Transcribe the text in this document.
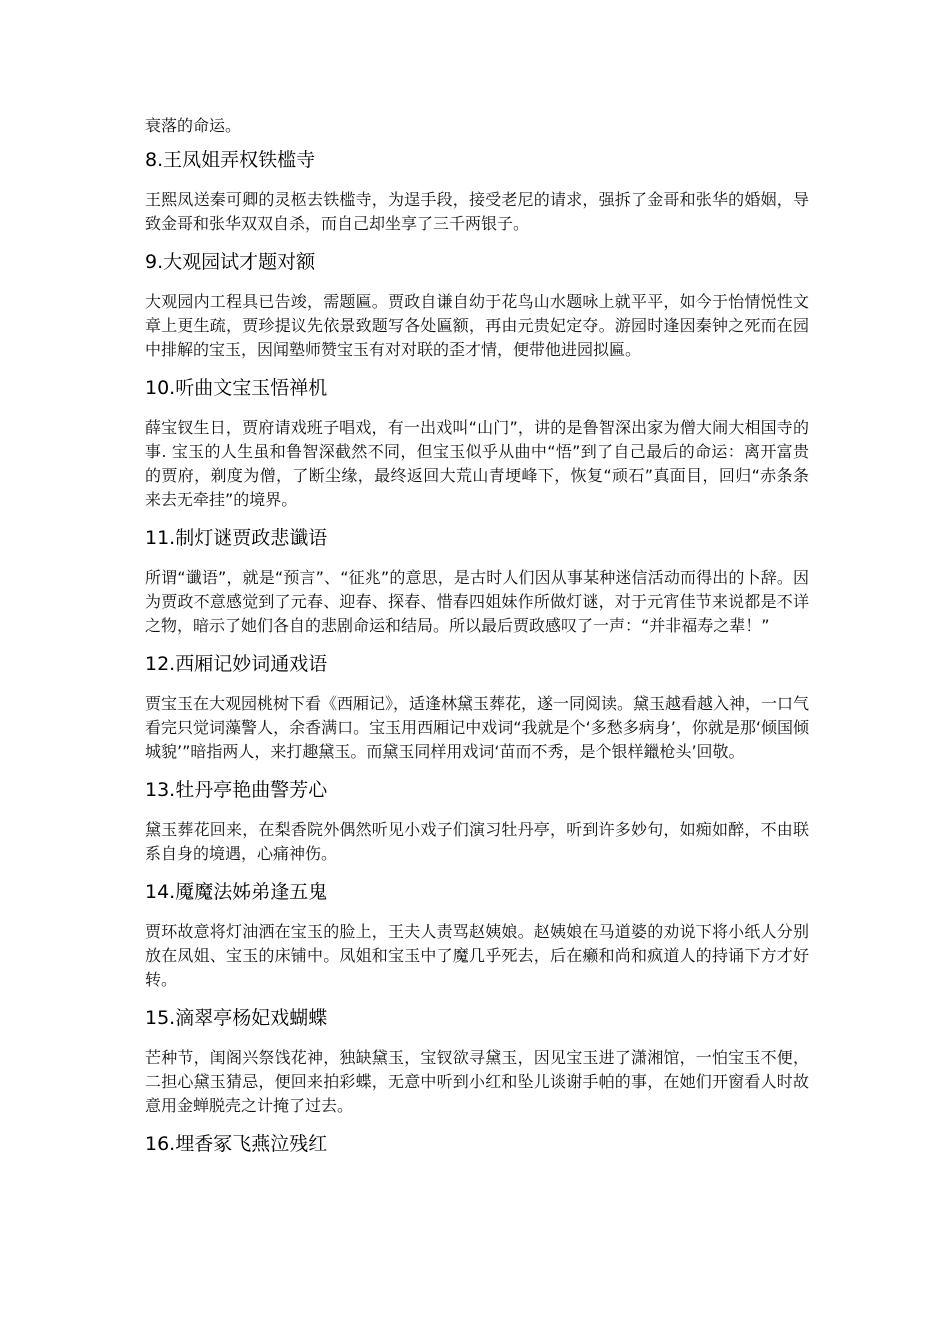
衰落的命运。

8.王凤姐弄权铁槛寺

王熙凤送秦可卿的灵柩去铁槛寺，为逞手段，接受老尼的请求，强拆了金哥和张华的婚姻，导致金哥和张华双双自杀，而自己却坐享了三千两银子。

9.大观园试才题对额

大观园内工程具已告竣，需题匾。贾政自谦自幼于花鸟山水题咏上就平平，如今于怡情悦性文章上更生疏，贾珍提议先依景致题写各处匾额，再由元贵妃定夺。游园时逢因秦钟之死而在园中排解的宝玉，因闻塾师赞宝玉有对对联的歪才情，便带他进园拟匾。

10.听曲文宝玉悟禅机

薛宝钗生日，贾府请戏班子唱戏，有一出戏叫“山门”，讲的是鲁智深出家为僧大闹大相国寺的事. 宝玉的人生虽和鲁智深截然不同，但宝玉似乎从曲中“悟”到了自己最后的命运：离开富贵的贾府，剃度为僧，了断尘缘，最终返回大荒山青埂峰下，恢复“顽石”真面目，回归“赤条条来去无牵挂”的境界。

11.制灯谜贾政悲谶语

所谓“谶语”，就是“预言”、“征兆”的意思，是古时人们因从事某种迷信活动而得出的卜辞。因为贾政不意感觉到了元春、迎春、探春、惜春四姐妹作所做灯谜，对于元宵佳节来说都是不详之物，暗示了她们各自的悲剧命运和结局。所以最后贾政感叹了一声：“并非福寿之辈！”

12.西厢记妙词通戏语

贾宝玉在大观园桃树下看《西厢记》，适逢林黛玉葬花，遂一同阅读。黛玉越看越入神，一口气看完只觉词藻警人，余香满口。宝玉用西厢记中戏词“我就是个‘多愁多病身’，你就是那‘倾国倾城貌’”暗指两人，来打趣黛玉。而黛玉同样用戏词‘苗而不秀，是个银样鑞枪头’回敬。

13.牡丹亭艳曲警芳心

黛玉葬花回来，在梨香院外偶然听见小戏子们演习牡丹亭，听到许多妙句，如痴如醉，不由联系自身的境遇，心痛神伤。

14.魇魔法姊弟逢五鬼

贾环故意将灯油洒在宝玉的脸上，王夫人责骂赵姨娘。赵姨娘在马道婆的劝说下将小纸人分别放在凤姐、宝玉的床铺中。凤姐和宝玉中了魔几乎死去，后在癞和尚和疯道人的持诵下方才好转。

15.滴翠亭杨妃戏蝴蝶

芒种节，闺阁兴祭饯花神，独缺黛玉，宝钗欲寻黛玉，因见宝玉进了潇湘馆，一怕宝玉不便，二担心黛玉猜忌，便回来拍彩蝶，无意中听到小红和坠儿谈谢手帕的事，在她们开窗看人时故意用金蝉脱壳之计掩了过去。

16.埋香冢飞燕泣残红
